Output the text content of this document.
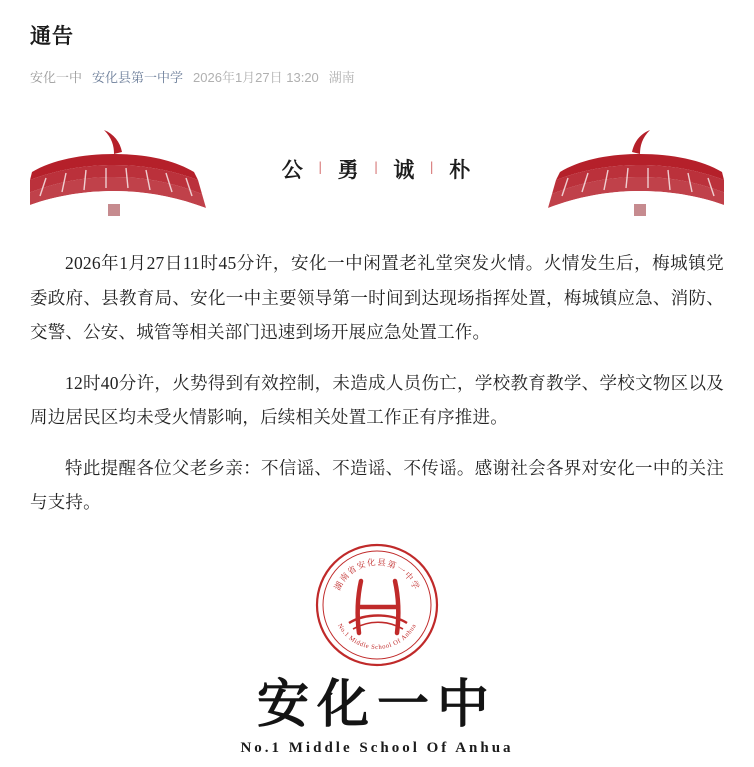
通告
安化一中 安化县第一中学 2026年1月27日 13:20 湖南
公 | 勇 | 诚 | 朴

2026年1月27日11时45分许，安化一中闲置老礼堂突发火情。火情发生后，梅城镇党委政府、县教育局、安化一中主要领导第一时间到达现场指挥处置，梅城镇应急、消防、交警、公安、城管等相关部门迅速到场开展应急处置工作。

12时40分许，火势得到有效控制，未造成人员伤亡，学校教育教学、学校文物区以及周边居民区均未受火情影响，后续相关处置工作正有序推进。

特此提醒各位父老乡亲：不信谣、不造谣、不传谣。感谢社会各界对安化一中的关注与支持。

湖南省安化县第一中学
No.1 Middle School Of Anhua
安化一中
No.1 Middle School Of Anhua
